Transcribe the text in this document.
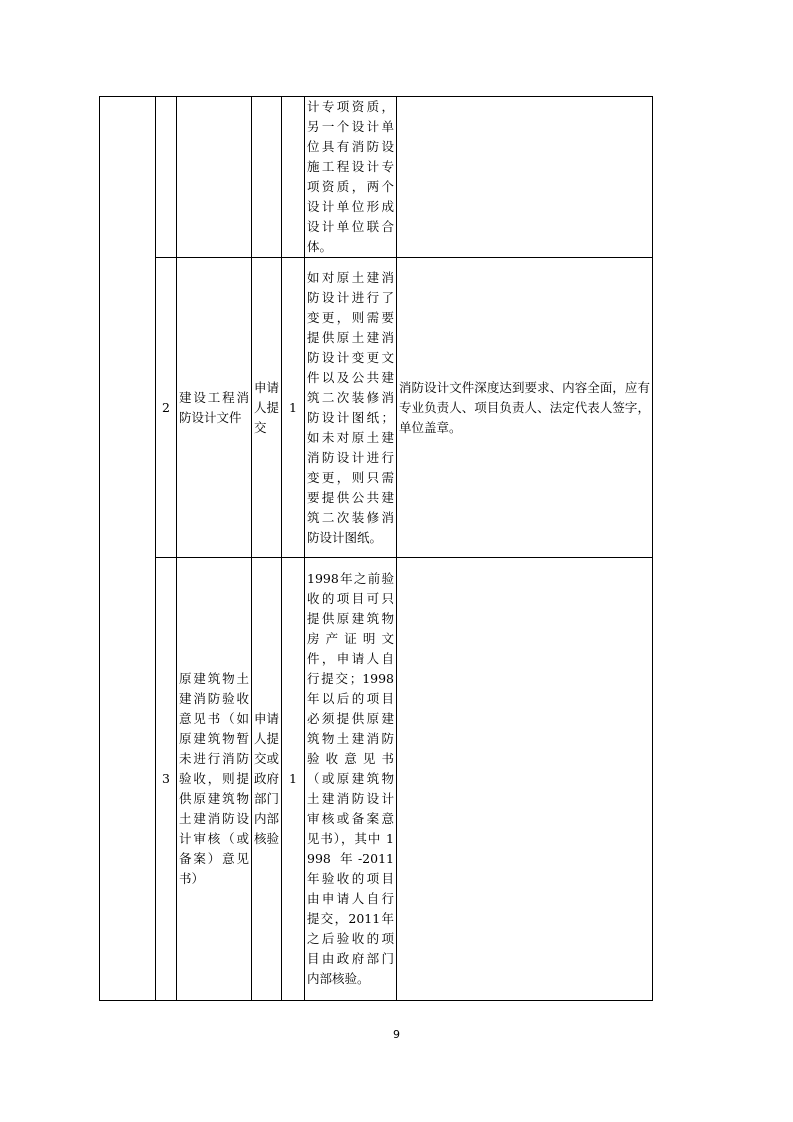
					计专项资质，另一个设计单位具有消防设施工程设计专项资质，两个设计单位形成设计单位联合体。	
	2	建设工程消防设计文件	申请人提交	1	如对原土建消防设计进行了变更，则需要提供原土建消防设计变更文件以及公共建筑二次装修消防设计图纸；如未对原土建消防设计进行变更，则只需要提供公共建筑二次装修消防设计图纸。	消防设计文件深度达到要求、内容全面，应有专业负责人、项目负责人、法定代表人签字，单位盖章。
	3	原建筑物土建消防验收意见书（如原建筑物暂未进行消防验收，则提供原建筑物土建消防设计审核（或备案）意见书）	申请人提交或政府部门内部核验	1	1998年之前验收的项目可只提供原建筑物房产证明文件，申请人自行提交；1998年以后的项目必须提供原建筑物土建消防验收意见书（或原建筑物土建消防设计审核或备案意见书），其中 1998 年-2011年验收的项目由申请人自行提交，2011年之后验收的项目由政府部门内部核验。	
9
